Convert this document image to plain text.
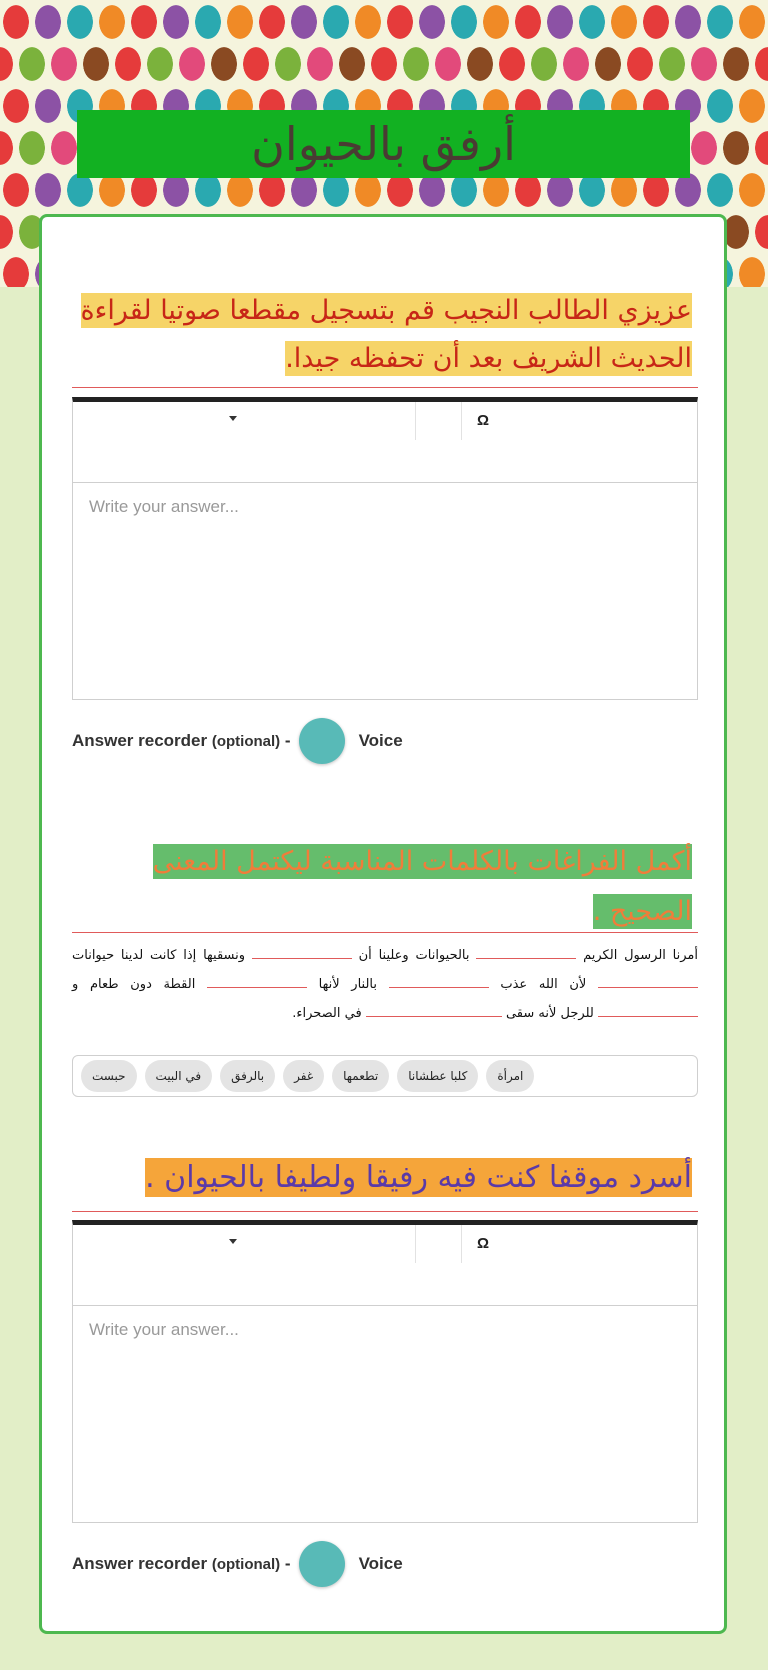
أرفق بالحيوان
عزيزي الطالب النجيب قم بتسجيل مقطعا صوتيا لقراءة الحديث الشريف بعد أن تحفظه جيدا.
Ω
Write your answer...
Answer recorder (optional) -	Voice
أكمل الفراغات بالكلمات المناسبة ليكتمل المعنى الصحيح .
أمرنا الرسول الكريم  بالحيوانات وعلينا أن  ونسقيها إذا كانت لدينا حيوانات  لأن الله عذب  بالنار لأنها  القطة دون طعام و  للرجل لأنه سقى  في الصحراء.
امرأة
كلبا عطشانا
تطعمها
غفر
بالرفق
في البيت
حبست
أسرد موقفا كنت فيه رفيقا ولطيفا بالحيوان .
Ω
Write your answer...
Answer recorder (optional) -	Voice
